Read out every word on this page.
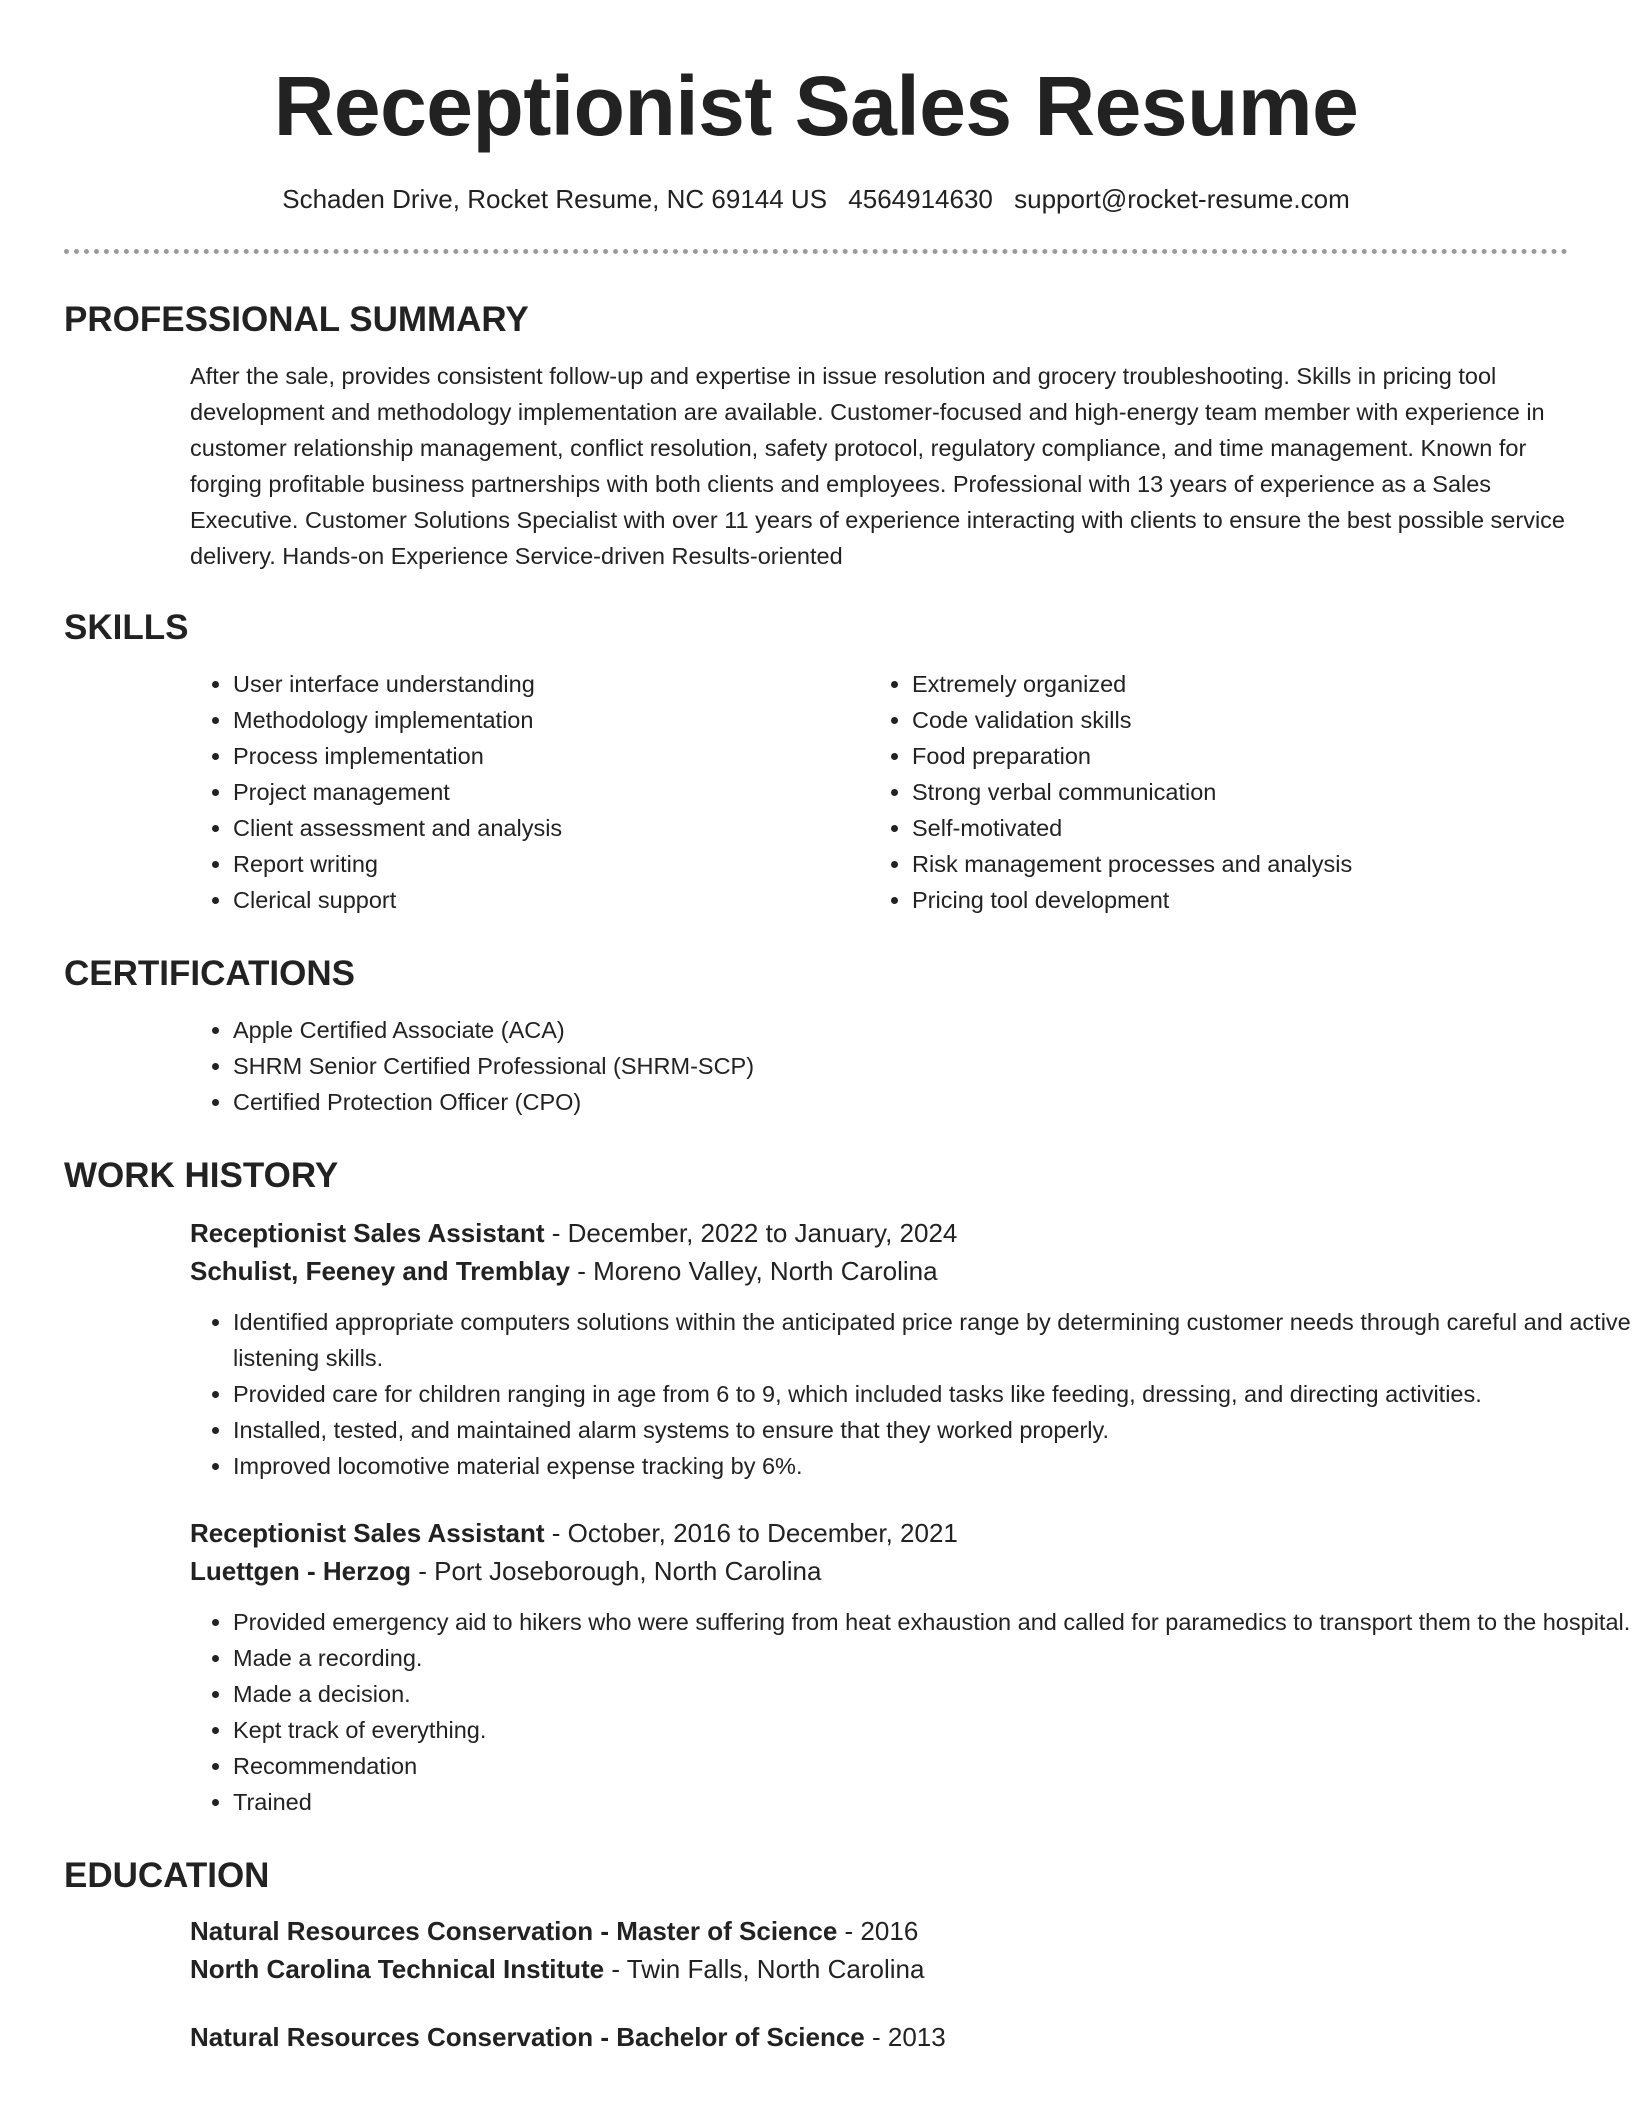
Receptionist Sales Resume
Schaden Drive, Rocket Resume, NC 69144 US 4564914630 support@rocket-resume.com
PROFESSIONAL SUMMARY
After the sale, provides consistent follow-up and expertise in issue resolution and grocery troubleshooting. Skills in pricing tool development and methodology implementation are available. Customer-focused and high-energy team member with experience in customer relationship management, conflict resolution, safety protocol, regulatory compliance, and time management. Known for forging profitable business partnerships with both clients and employees. Professional with 13 years of experience as a Sales Executive. Customer Solutions Specialist with over 11 years of experience interacting with clients to ensure the best possible service delivery. Hands-on Experience Service-driven Results-oriented
SKILLS
• User interface understanding
• Methodology implementation
• Process implementation
• Project management
• Client assessment and analysis
• Report writing
• Clerical support
• Extremely organized
• Code validation skills
• Food preparation
• Strong verbal communication
• Self-motivated
• Risk management processes and analysis
• Pricing tool development
CERTIFICATIONS
• Apple Certified Associate (ACA)
• SHRM Senior Certified Professional (SHRM-SCP)
• Certified Protection Officer (CPO)
WORK HISTORY
Receptionist Sales Assistant - December, 2022 to January, 2024
Schulist, Feeney and Tremblay - Moreno Valley, North Carolina
• Identified appropriate computers solutions within the anticipated price range by determining customer needs through careful and active listening skills.
• Provided care for children ranging in age from 6 to 9, which included tasks like feeding, dressing, and directing activities.
• Installed, tested, and maintained alarm systems to ensure that they worked properly.
• Improved locomotive material expense tracking by 6%.
Receptionist Sales Assistant - October, 2016 to December, 2021
Luettgen - Herzog - Port Joseborough, North Carolina
• Provided emergency aid to hikers who were suffering from heat exhaustion and called for paramedics to transport them to the hospital.
• Made a recording.
• Made a decision.
• Kept track of everything.
• Recommendation
• Trained
EDUCATION
Natural Resources Conservation - Master of Science - 2016
North Carolina Technical Institute - Twin Falls, North Carolina
Natural Resources Conservation - Bachelor of Science - 2013
